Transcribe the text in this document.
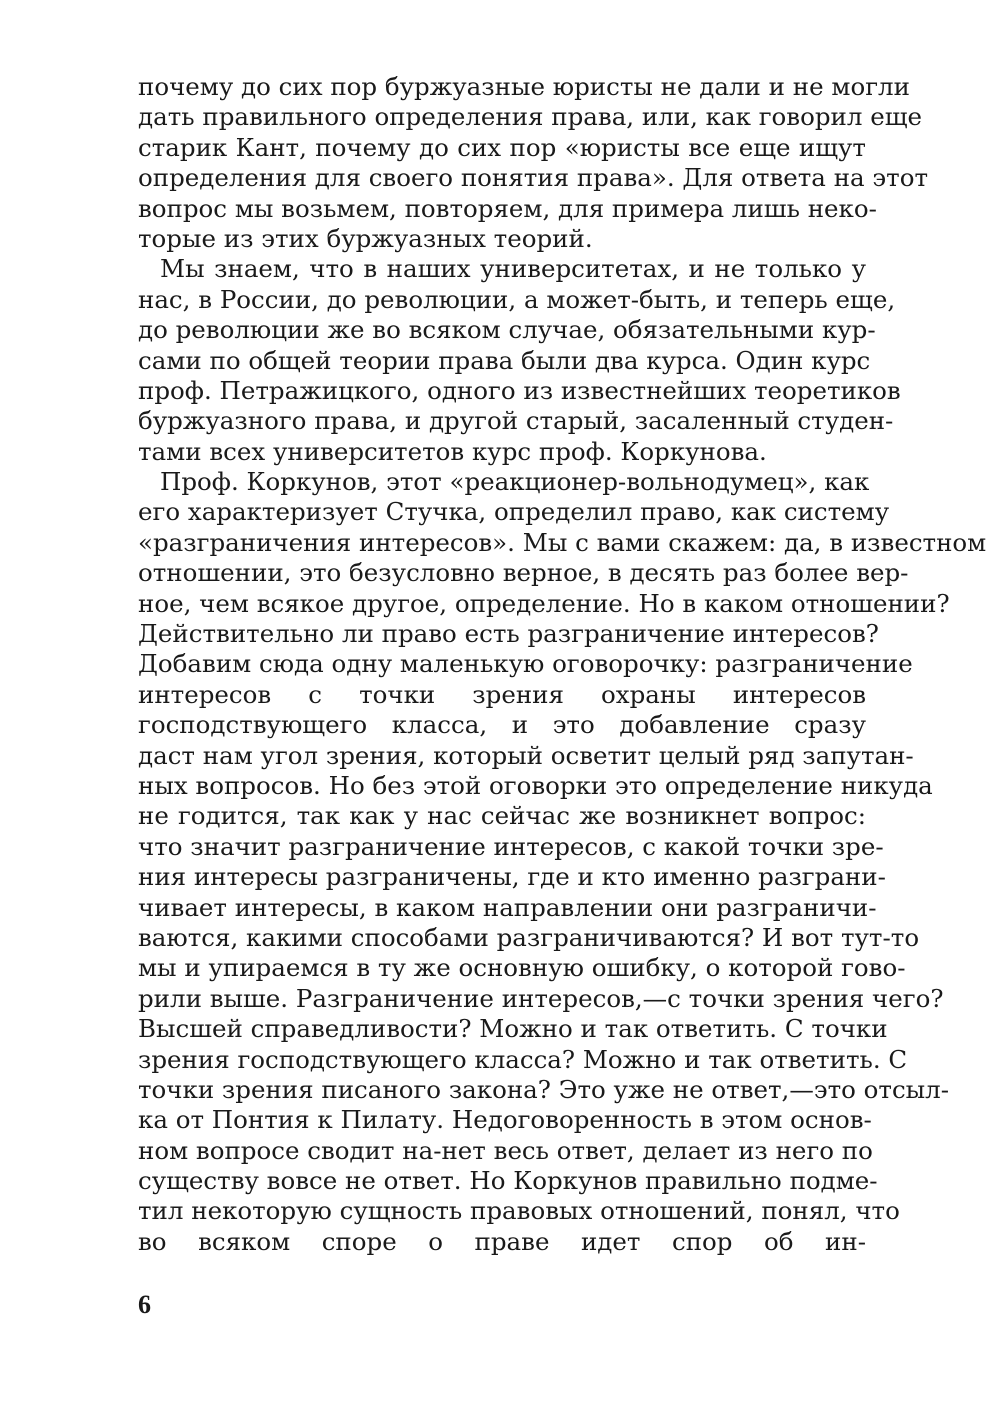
почему до сих пор буржуазные юристы не дали и не могли
дать правильного определения права, или, как говорил еще
старик Кант, почему до сих пор «юристы все еще ищут
определения для своего понятия права». Для ответа на этот
вопрос мы возьмем, повторяем, для примера лишь неко-
торые из этих буржуазных теорий.
Мы знаем, что в наших университетах, и не только у
нас, в России, до революции, а может-быть, и теперь еще,
до революции же во всяком случае, обязательными кур-
сами по общей теории права были два курса. Один курс
проф. Петражицкого, одного из известнейших теоретиков
буржуазного права, и другой старый, засаленный студен-
тами всех университетов курс проф. Коркунова.
Проф. Коркунов, этот «реакционер-вольнодумец», как
его характеризует Стучка, определил право, как систему
«разграничения интересов». Мы с вами скажем: да, в известном
отношении, это безусловно верное, в десять раз более вер-
ное, чем всякое другое, определение. Но в каком отношении?
Действительно ли право есть разграничение интересов?
Добавим сюда одну маленькую оговорочку: разграничение
интересов с точки зрения охраны интересов
господствующего класса, и это добавление сразу
даст нам угол зрения, который осветит целый ряд запутан-
ных вопросов. Но без этой оговорки это определение никуда
не годится, так как у нас сейчас же возникнет вопрос:
что значит разграничение интересов, с какой точки зре-
ния интересы разграничены, где и кто именно разграни-
чивает интересы, в каком направлении они разграничи-
ваются, какими способами разграничиваются? И вот тут-то
мы и упираемся в ту же основную ошибку, о которой гово-
рили выше. Разграничение интересов,—с точки зрения чего?
Высшей справедливости? Можно и так ответить. С точки
зрения господствующего класса? Можно и так ответить. С
точки зрения писаного закона? Это уже не ответ,—это отсыл-
ка от Понтия к Пилату. Недоговоренность в этом основ-
ном вопросе сводит на-нет весь ответ, делает из него по
существу вовсе не ответ. Но Коркунов правильно подме-
тил некоторую сущность правовых отношений, понял, что
во всяком споре о праве идет спор об ин-
6
